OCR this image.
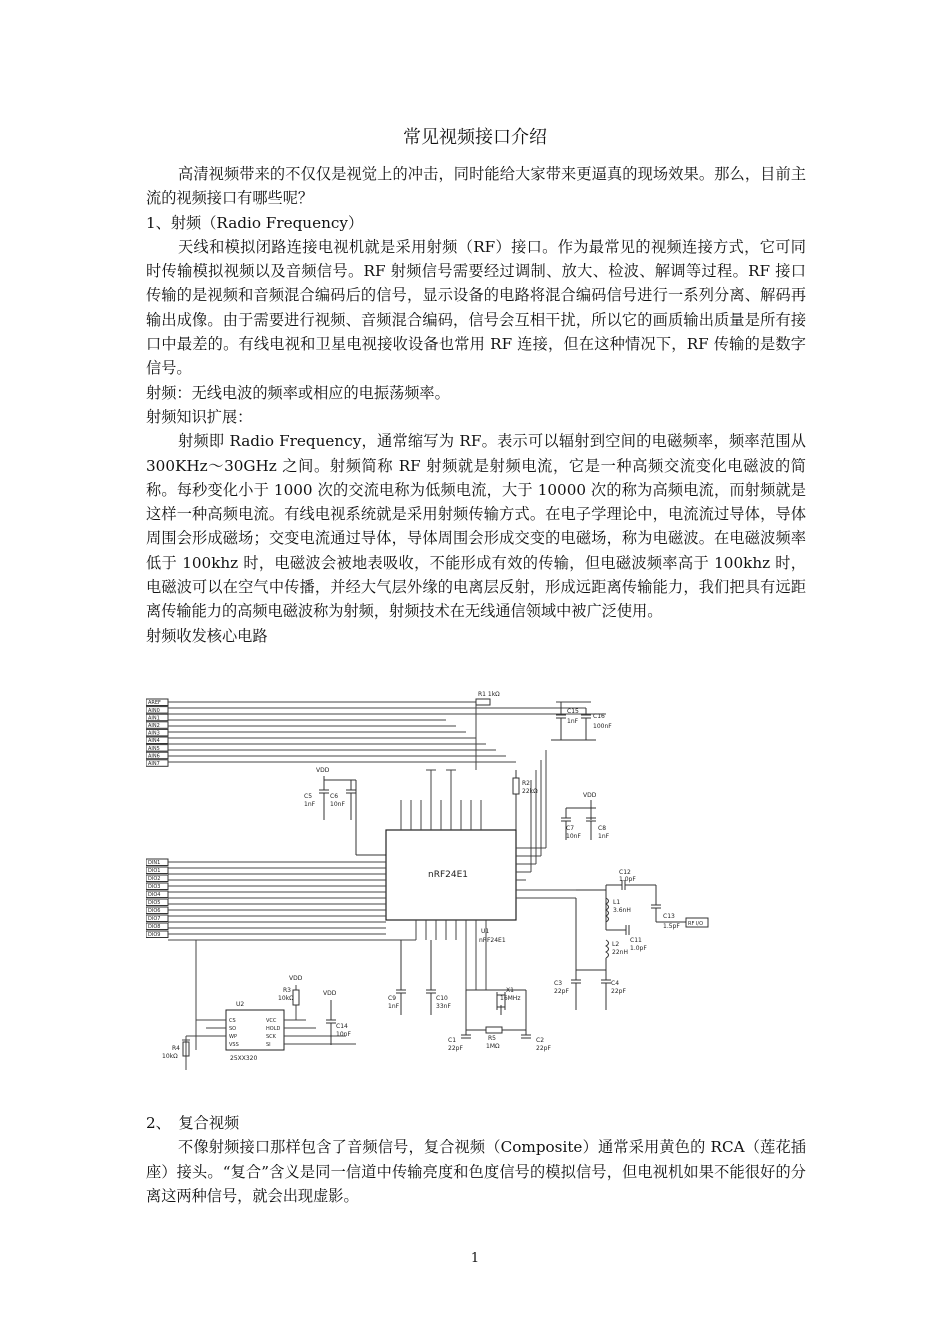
常见视频接口介绍

高清视频带来的不仅仅是视觉上的冲击，同时能给大家带来更逼真的现场效果。那么，目前主流的视频接口有哪些呢？

1、射频（Radio Frequency）

天线和模拟闭路连接电视机就是采用射频（RF）接口。作为最常见的视频连接方式，它可同时传输模拟视频以及音频信号。RF 射频信号需要经过调制、放大、检波、解调等过程。RF 接口传输的是视频和音频混合编码后的信号，显示设备的电路将混合编码信号进行一系列分离、解码再输出成像。由于需要进行视频、音频混合编码，信号会互相干扰，所以它的画质输出质量是所有接口中最差的。有线电视和卫星电视接收设备也常用 RF 连接，但在这种情况下，RF 传输的是数字信号。

射频：无线电波的频率或相应的电振荡频率。

射频知识扩展：

射频即 Radio Frequency，通常缩写为 RF。表示可以辐射到空间的电磁频率，频率范围从 300KHz～30GHz 之间。射频简称 RF 射频就是射频电流，它是一种高频交流变化电磁波的简称。每秒变化小于 1000 次的交流电称为低频电流，大于 10000 次的称为高频电流，而射频就是这样一种高频电流。有线电视系统就是采用射频传输方式。在电子学理论中，电流流过导体，导体周围会形成磁场；交变电流通过导体，导体周围会形成交变的电磁场，称为电磁波。在电磁波频率低于 100khz 时，电磁波会被地表吸收，不能形成有效的传输，但电磁波频率高于 100khz 时，电磁波可以在空气中传播，并经大气层外缘的电离层反射，形成远距离传输能力，我们把具有远距离传输能力的高频电磁波称为射频，射频技术在无线通信领域中被广泛使用。

射频收发核心电路

AREF
AIN0
AIN1
AIN2
AIN3
AIN4
AIN5
AIN6
AIN7
R1 1kΩ
C15
1nF
C16
100nF
VDD
C5
1nF
C6
10nF
nRF24E1
U1
nRF24E1
R2
22kΩ
VDD
C7
10nF
C8
1nF
RF I/O
C12
1.0pF
C13
1.5pF
L1
3.6nH
C11
1.0pF
L2
22nH
C3
22pF
C4
22pF
DIN1
DIO1
DIO2
DIO3
DIO4
DIO5
DIO6
DIO7
DIO8
DIO9
U2
25XX320
CS
SO
WP
VSS
VCC
HOLD
SCK
SI
VDD
R3
10kΩ
R4
10kΩ
VDD
C14
10nF
C9
1nF
C10
33nF
X1
16MHz
R5
1MΩ
C1
22pF
C2
22pF

2、　复合视频

不像射频接口那样包含了音频信号，复合视频（Composite）通常采用黄色的 RCA（莲花插座）接头。“复合”含义是同一信道中传输亮度和色度信号的模拟信号，但电视机如果不能很好的分离这两种信号，就会出现虚影。

1
